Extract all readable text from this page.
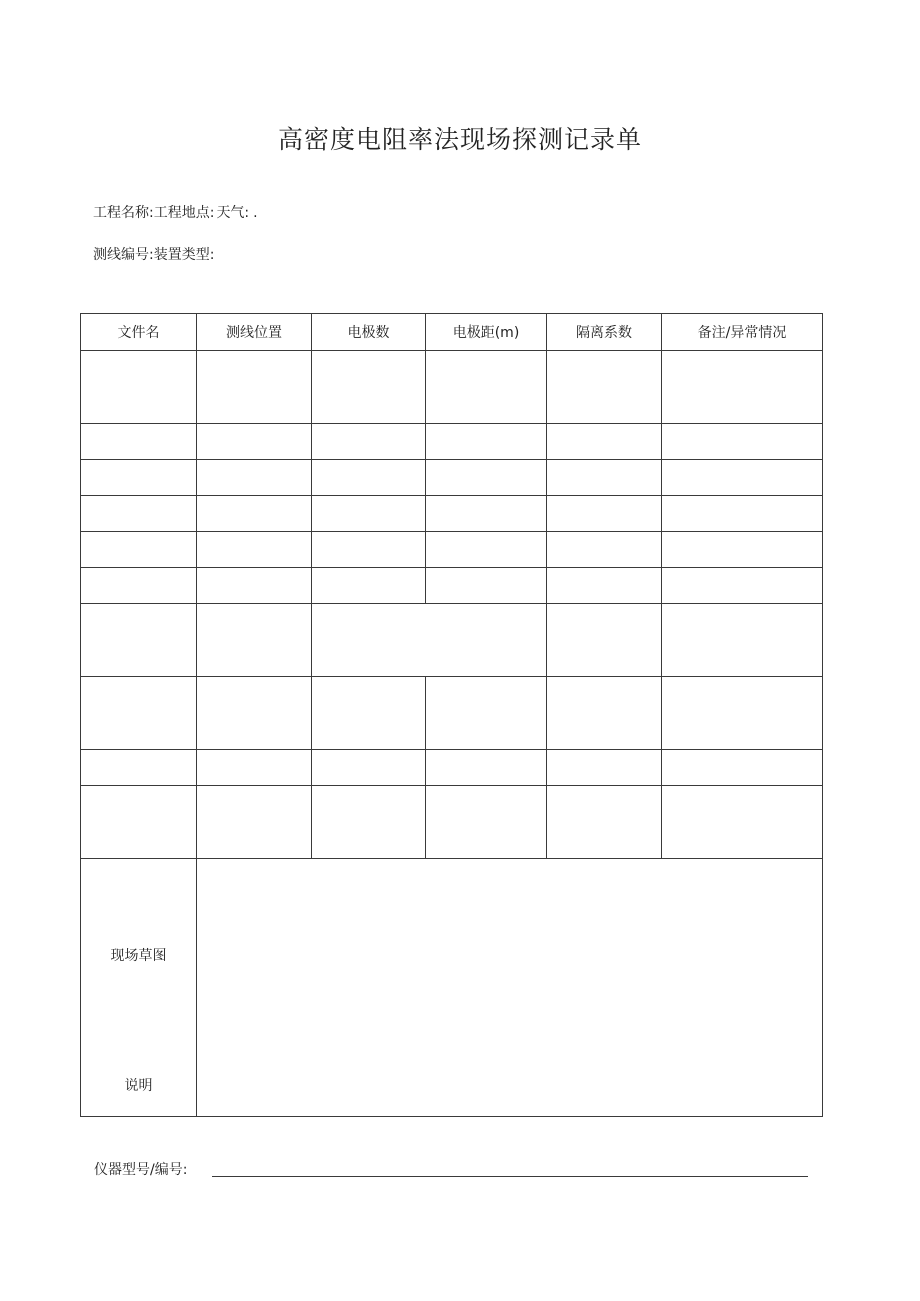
高密度电阻率法现场探测记录单
工程名称:工程地点: 天气: .
测线编号:装置类型:
文件名	测线位置	电极数	电极距(m)	隔离系数	备注/异常情况

现场草图
说明					

仪器型号/编号:
